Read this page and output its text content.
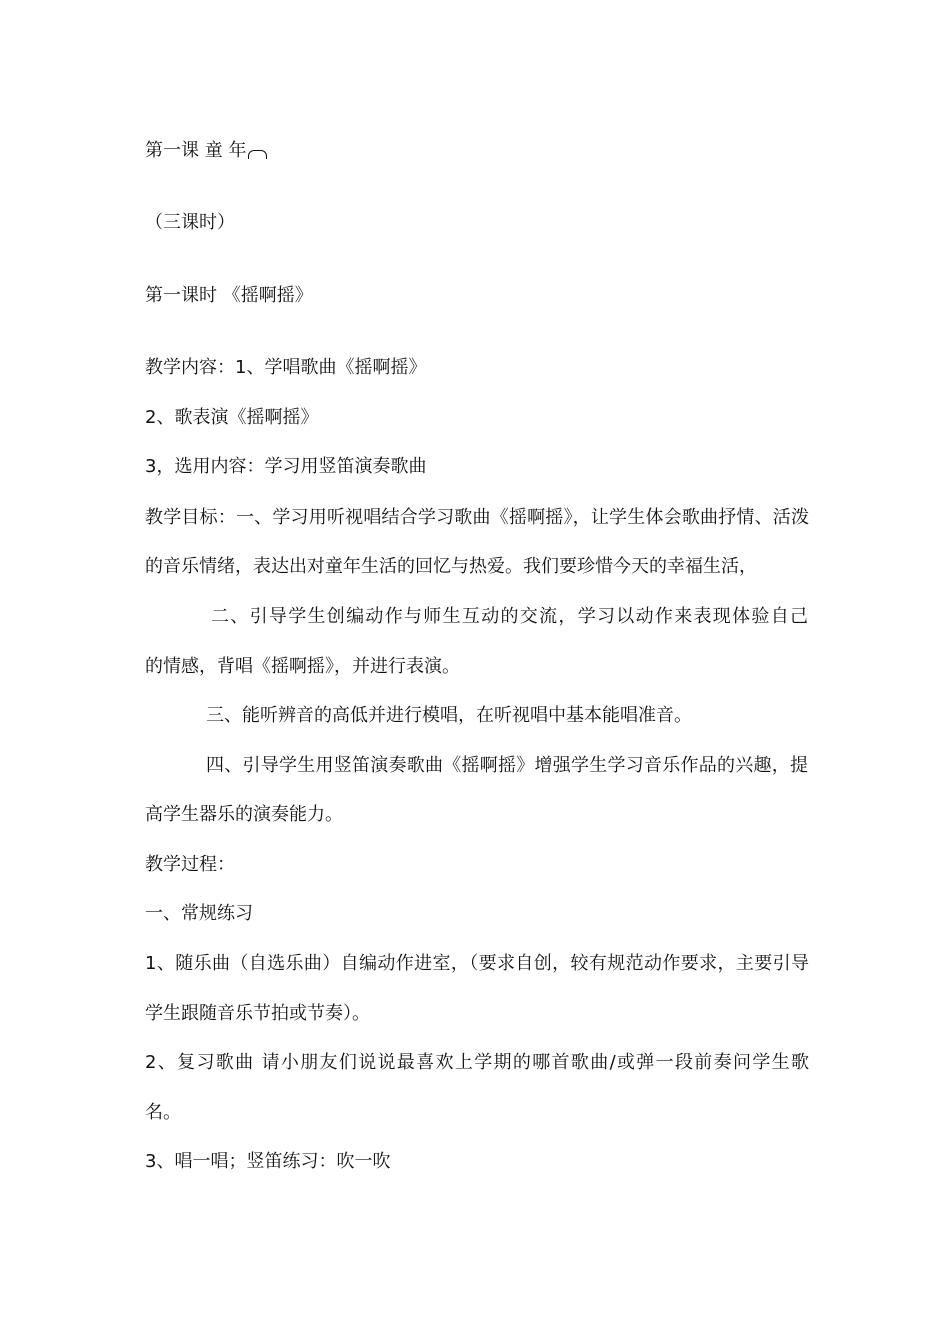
第一课 童 年
（三课时）
第一课时 《摇啊摇》
教学内容：1、学唱歌曲《摇啊摇》
2、歌表演《摇啊摇》
3，选用内容：学习用竖笛演奏歌曲
教学目标：一、学习用听视唱结合学习歌曲《摇啊摇》，让学生体会歌曲抒情、活泼
的音乐情绪，表达出对童年生活的回忆与热爱。我们要珍惜今天的幸福生活，
二、引导学生创编动作与师生互动的交流，学习以动作来表现体验自己
的情感，背唱《摇啊摇》，并进行表演。
三、能听辨音的高低并进行模唱，在听视唱中基本能唱准音。
四、引导学生用竖笛演奏歌曲《摇啊摇》增强学生学习音乐作品的兴趣，提
高学生器乐的演奏能力。
教学过程：
一、常规练习
1、随乐曲（自选乐曲）自编动作进室，（要求自创，较有规范动作要求，主要引导
学生跟随音乐节拍或节奏）。
2、复习歌曲 请小朋友们说说最喜欢上学期的哪首歌曲/或弹一段前奏问学生歌
名。
3、唱一唱；竖笛练习：吹一吹
